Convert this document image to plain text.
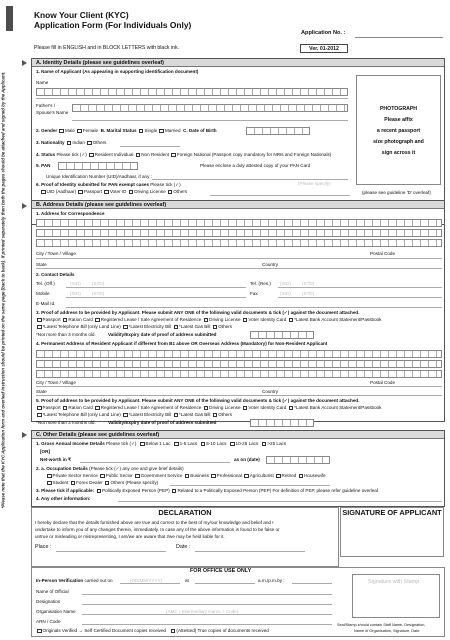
*Please note that the KYC Application form and overleaf Instruction should be printed on the same page (back to back). If printed separately then both the pages should be attached and signed by the Applicant.
Know Your Client (KYC)
Application Form (For Individuals Only)
Application No. :
Please fill in ENGLISH and in BLOCK LETTERS with black ink.	Ver. 01-2012
A. Identity Details (please see guidelines overleaf)
1. Name of Applicant (As appearing in supporting identification document)
Name
Father's /
Spouse's Name
2. Gender Male Female B. Marital Status Single Married C. Date of Birth
3. Nationality Indian Others
4. Status Please tick (✓) Resident Individual Non Resident Foreign National (Passport copy mandatory for NRIs and Foreign Nationals)
5. PAN	Please enclose a duly attested copy of your PAN Card
Unique Identification Number (UID)/Aadhaar, if any :
6. Proof of Identity submitted for PAN exempt cases Please tick (✓)
UID (Aadhaar) Passport Voter ID Driving License Others
(Please specify)
(please see guideline 'D' overleaf)
PHOTOGRAPH
Please affix
a recent passport
size photograph and
sign across it
B. Address Details (please see guidelines overleaf)
1. Address for Correspondence
City / Town / Village	Postal Code
State	Country
2. Contact Details
Tel. (Off.)	(ISD) (STD)	Tel. (Res.) (ISD) (STD)
Mobile	(ISD) (STD)	Fax	(ISD) (STD)
E-Mail Id.
3. Proof of address to be provided by Applicant. Please submit ANY ONE of the following valid documents & tick (✓) against the document attached.
Passport Ration Card Registered Lease / Sale Agreement of Residence Driving License Voter Identity Card *Latest Bank Account Statement/Passbook
*Latest Telephone Bill (only Land Line) *Latest Electricity Bill *Latest Gas Bill Others
*Not more than 3 months old.	Validity/Expiry date of proof of address submitted
4. Permanent Address of Resident Applicant if different from B1 above OR Overseas Address (Mandatory) for Non-Resident Applicant
City / Town / Village	Postal Code
State	Country
5. Proof of address to be provided by Applicant. Please submit ANY ONE of the following valid documents & tick (✓) against the document attached.
Passport Ration Card Registered Lease / Sale Agreement of Residence Driving License Voter Identity Card *Latest Bank Account Statement/Passbook
*Latest Telephone Bill (only Land Line) *Latest Electricity Bill *Latest Gas Bill Others
*Not more than 3 months old.	Validity/Expiry date of proof of address submitted
C. Other Details (please see guidelines overleaf)
1. Gross Annual Income Details Please tick (✓) Below 1 Lac 1-5 Lacs 5-10 Lacs 10-25 Lacs >25 Lacs
[OR]
Net-worth in ₹	as on (date)
2. a. Occupation Details (Please tick (✓) any one and give brief details)
Private Sector Service Public Sector Government Service Business Professional Agriculturist Retired Housewife
Student Forex Dealer Others (Please specify)
3. Please tick if applicable: Politically Exposed Person (PEP) Related to a Politically Exposed Person (PEP) For definition of PEP, please refer guideline overleaf
4. Any other information:
DECLARATION
I hereby declare that the details furnished above are true and correct to the best of my/our knowledge and belief and I
undertake to inform you of any changes therein, immediately. In case any of the above information is found to be false or
untrue or misleading or misrepresenting, I am/we are aware that I/we may be held liable for it.
Place :	Date :
SIGNATURE OF APPLICANT
FOR OFFICE USE ONLY
In-Person Verification carried out on	(DD/MM/YYYY)	at	a.m./p.m.by :
Name of Official
Designation
Organisation Name	(AMC / Intermediary Name + Code)
ARN / Code
Originals Verified → Self Certified Document copies received (Attested) True copies of documents received
Signature with Stamp
Seal/Stamp should contain Staff Name, Designation,
Name of Organisation, Signature, Date
